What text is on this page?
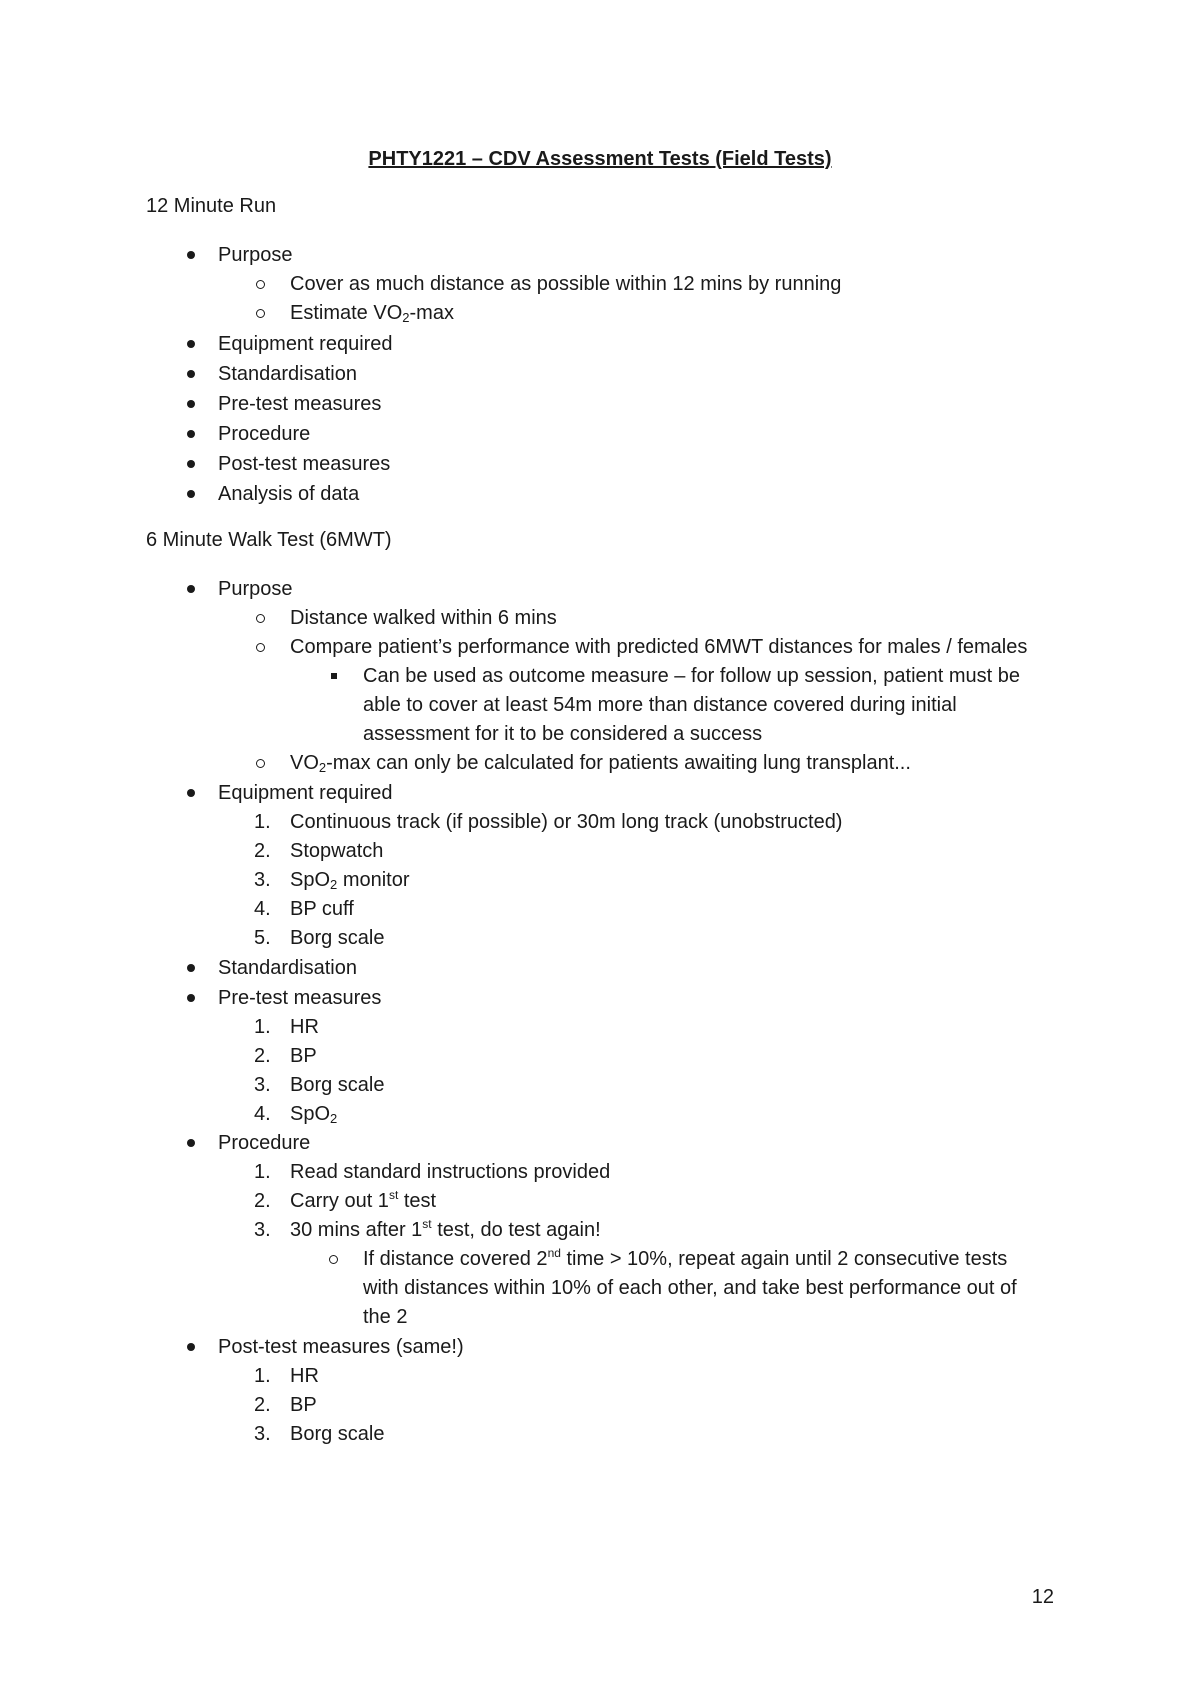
PHTY1221 – CDV Assessment Tests (Field Tests)
12 Minute Run
Purpose
Cover as much distance as possible within 12 mins by running
Estimate $VO_2-\max$
Equipment required
Standardisation
Pre-test measures
Procedure
Post-test measures
Analysis of data
6 Minute Walk Test (6MWT)
Purpose
Distance walked within 6 mins
Compare patient’s performance with predicted 6MWT distances for males / females
Can be used as outcome measure – for follow up session, patient must be
able to cover at least 54m more than distance covered during initial
assessment for it to be considered a success
$VO_2-\max$ can only be calculated for patients awaiting lung transplant...
Equipment required
1. Continuous track (if possible) or 30m long track (unobstructed)
2. Stopwatch
3. SpO$_2$ monitor
4. BP cuff
5. Borg scale
Standardisation
Pre-test measures
1. HR
2. BP
3. Borg scale
4. SpO$_2$
Procedure
1. Read standard instructions provided
2. Carry out 1st test
3. 30 mins after 1st test, do test again!
If distance covered 2nd time > 10%, repeat again until 2 consecutive tests
with distances within 10% of each other, and take best performance out of
the 2
Post-test measures (same!)
1. HR
2. BP
3. Borg scale
12
